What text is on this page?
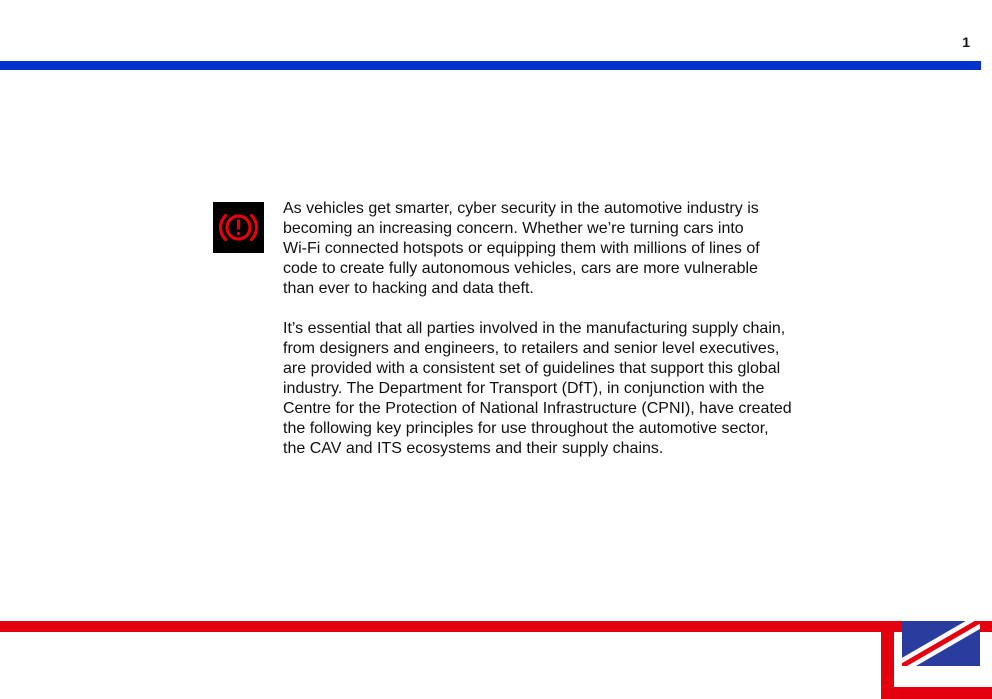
1

As vehicles get smarter, cyber security in the automotive industry is
becoming an increasing concern. Whether we’re turning cars into
Wi-Fi connected hotspots or equipping them with millions of lines of
code to create fully autonomous vehicles, cars are more vulnerable
than ever to hacking and data theft.

It’s essential that all parties involved in the manufacturing supply chain,
from designers and engineers, to retailers and senior level executives,
are provided with a consistent set of guidelines that support this global
industry. The Department for Transport (DfT), in conjunction with the
Centre for the Protection of National Infrastructure (CPNI), have created
the following key principles for use throughout the automotive sector,
the CAV and ITS ecosystems and their supply chains.
